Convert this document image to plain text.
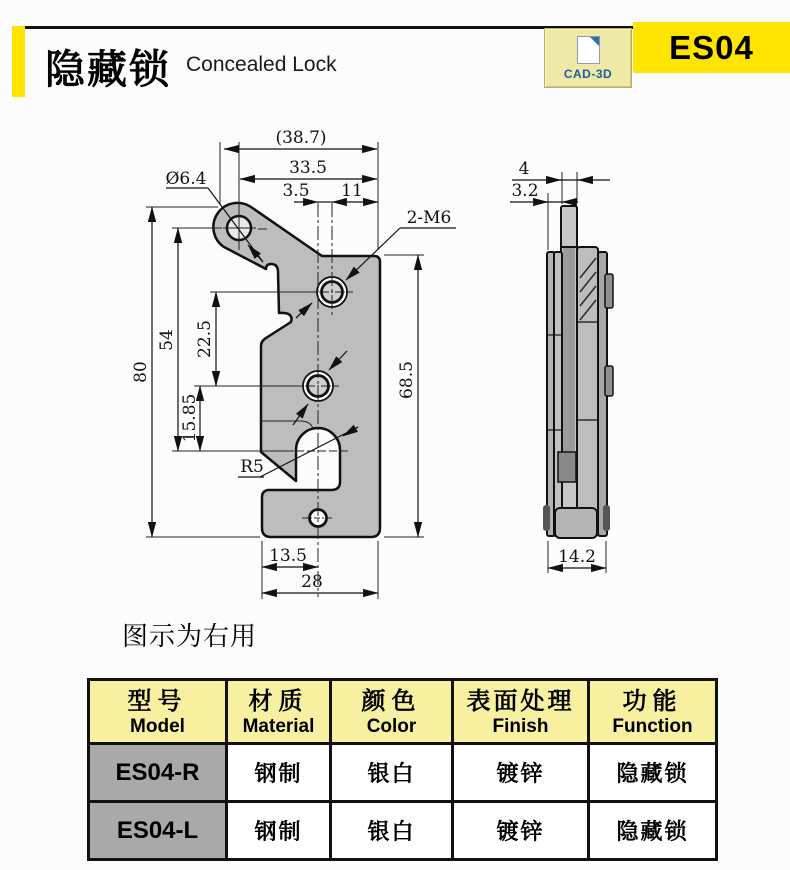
隐藏锁 Concealed Lock	CAD-3D
ES04
(38.7)
33.5
3.5 11
Ø6.4
2-M6
80
54 22.5
15.85
68.5
R5
13.5
28
4
3.2
14.2
图示为右用
型号
Model	材质
Material	颜色
Color	表面处理
Finish	功能
Function

ES04-R	钢制	银白	镀锌	隐藏锁
ES04-L	钢制	银白	镀锌	隐藏锁
